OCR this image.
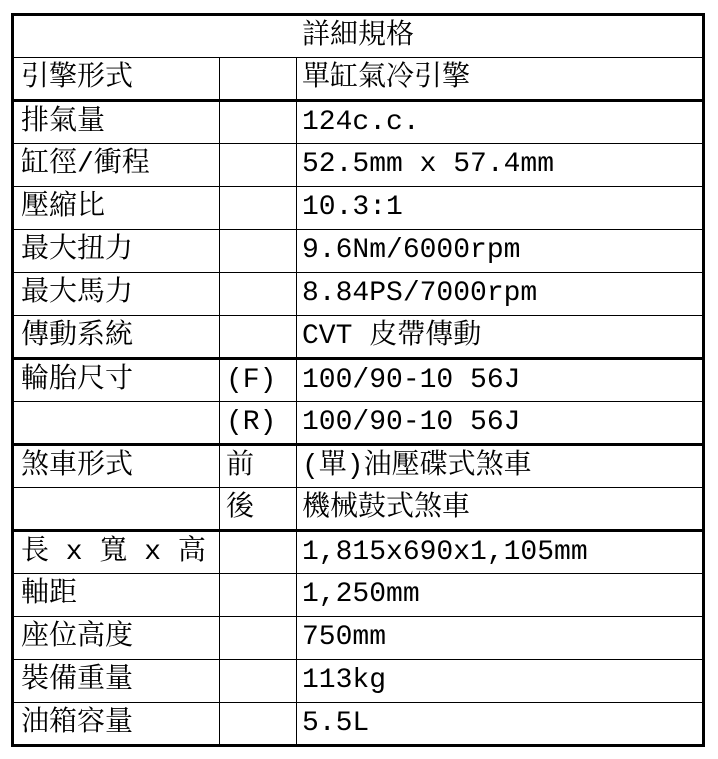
詳細規格		
引擎形式		單缸氣冷引擎
排氣量		124c.c.
缸徑/衝程		52.5mm x 57.4mm
壓縮比		10.3:1
最大扭力		9.6Nm/6000rpm
最大馬力		8.84PS/7000rpm
傳動系統		CVT 皮帶傳動
輪胎尺寸	(F)	100/90-10 56J
	(R)	100/90-10 56J
煞車形式	前	(單)油壓碟式煞車
	後	機械鼓式煞車
長 x 寬 x 高		1,815x690x1,105mm
軸距		1,250mm
座位高度		750mm
裝備重量		113kg
油箱容量		5.5L
